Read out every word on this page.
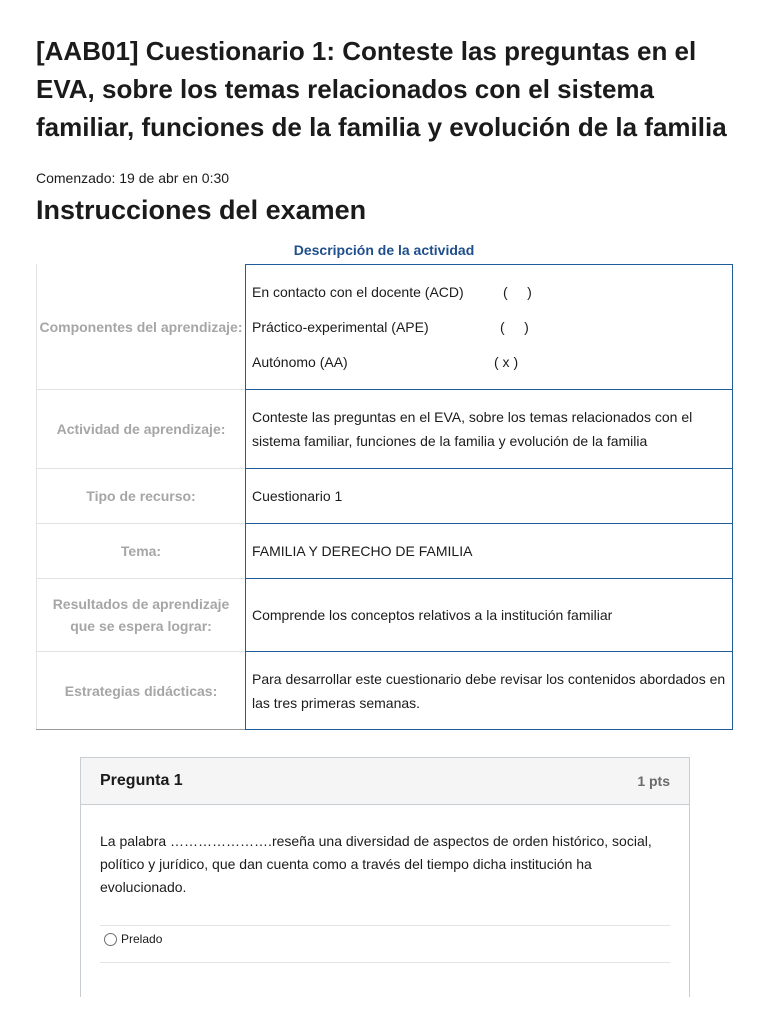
[AAB01] Cuestionario 1: Conteste las preguntas en el EVA, sobre los temas relacionados con el sistema familiar, funciones de la familia y evolución de la familia
Comenzado: 19 de abr en 0:30
Instrucciones del examen
Descripción de la actividad
Componentes del aprendizaje:
En contacto con el docente (ACD)	(     )
Práctico-experimental (APE)	(     )
Autónomo (AA)	( x )
Actividad de aprendizaje:
Conteste las preguntas en el EVA, sobre los temas relacionados con el sistema familiar, funciones de la familia y evolución de la familia
Tipo de recurso:	Cuestionario 1
Tema:	FAMILIA Y DERECHO DE FAMILIA
Resultados de aprendizaje que se espera lograr:
Comprende los conceptos relativos a la institución familiar
Estrategias didácticas:
Para desarrollar este cuestionario debe revisar los contenidos abordados en las tres primeras semanas.
Pregunta 1	1 pts
La palabra ………………….reseña una diversidad de aspectos de orden histórico, social, político y jurídico, que dan cuenta como a través del tiempo dicha institución ha evolucionado.
Prelado
